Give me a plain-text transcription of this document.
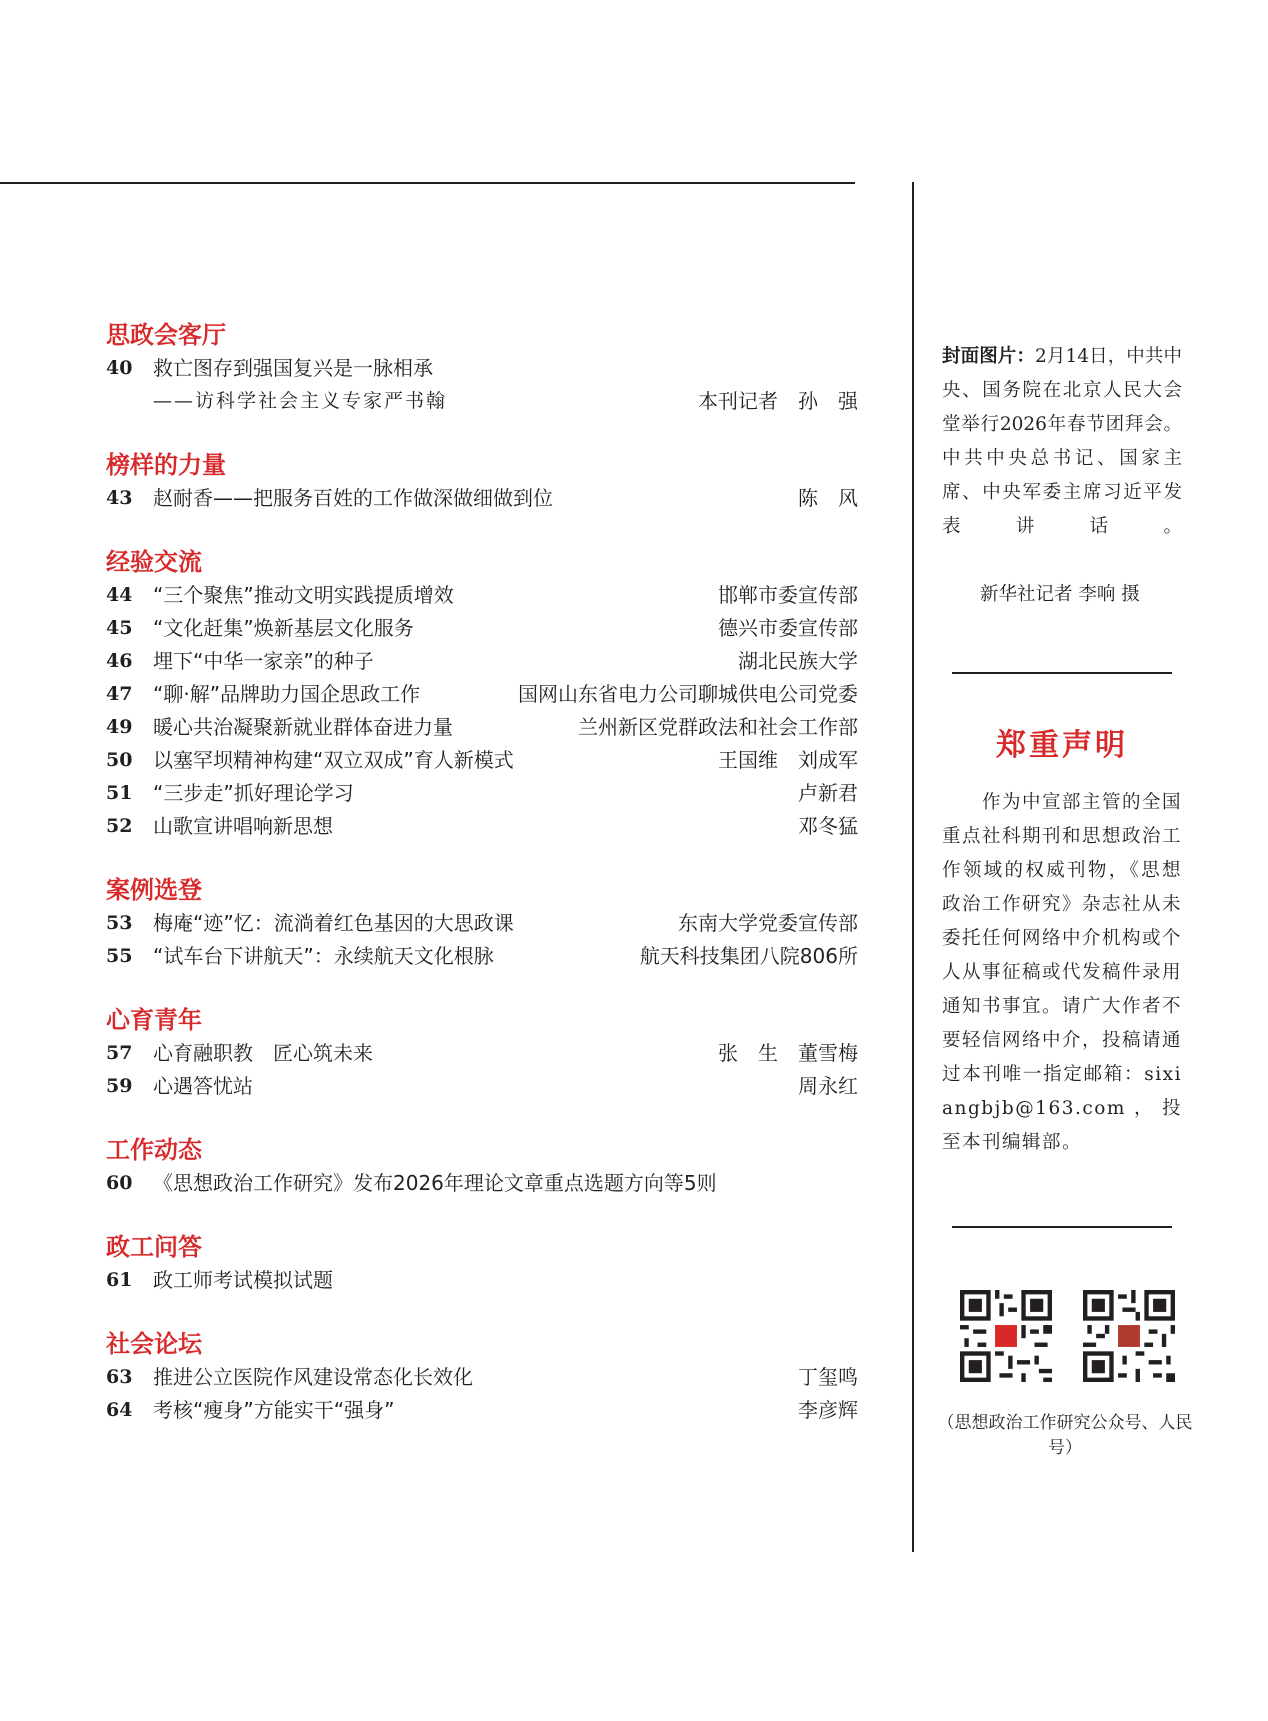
思政会客厅
40	救亡图存到强国复兴是一脉相承
——访科学社会主义专家严书翰	本刊记者　孙　强
榜样的力量
43	赵耐香——把服务百姓的工作做深做细做到位	陈　风
经验交流
44	“三个聚焦”推动文明实践提质增效	邯郸市委宣传部
45	“文化赶集”焕新基层文化服务	德兴市委宣传部
46	埋下“中华一家亲”的种子	湖北民族大学
47	“聊·解”品牌助力国企思政工作	国网山东省电力公司聊城供电公司党委
49	暖心共治凝聚新就业群体奋进力量	兰州新区党群政法和社会工作部
50	以塞罕坝精神构建“双立双成”育人新模式	王国维　刘成军
51	“三步走”抓好理论学习	卢新君
52	山歌宣讲唱响新思想	邓冬猛
案例选登
53	梅庵“迹”忆：流淌着红色基因的大思政课	东南大学党委宣传部
55	“试车台下讲航天”：永续航天文化根脉	航天科技集团八院806所
心育青年
57	心育融职教　匠心筑未来	张　生　董雪梅
59	心遇答忧站	周永红
工作动态
60	《思想政治工作研究》发布2026年理论文章重点选题方向等5则
政工问答
61	政工师考试模拟试题
社会论坛
63	推进公立医院作风建设常态化长效化	丁玺鸣
64	考核“瘦身”方能实干“强身”	李彦辉
封面图片：2月14日，中共中央、国务院在北京人民大会堂举行2026年春节团拜会。中共中央总书记、国家主席、中央军委主席习近平发表讲话。
新华社记者 李响 摄
郑重声明
　　作为中宣部主管的全国重点社科期刊和思想政治工作领域的权威刊物，《思想政治工作研究》杂志社从未委托任何网络中介机构或个人从事征稿或代发稿件录用通知书事宜。请广大作者不要轻信网络中介，投稿请通过本刊唯一指定邮箱：sixiangbjb@163.com，投至本刊编辑部。
（思想政治工作研究公众号、人民号）
